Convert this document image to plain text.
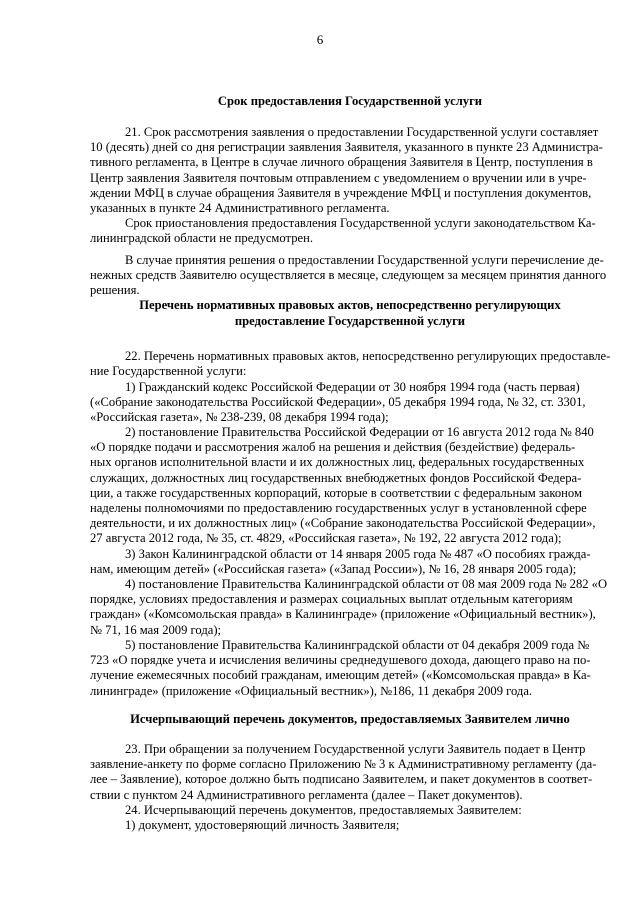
6
Срок предоставления Государственной услуги
21. Срок рассмотрения заявления о предоставлении Государственной услуги составляет
10 (десять) дней со дня регистрации заявления Заявителя, указанного в пункте 23 Администра-
тивного регламента, в Центре в случае личного обращения Заявителя в Центр, поступления в
Центр заявления Заявителя почтовым отправлением с уведомлением о вручении или в учре-
ждении МФЦ в случае обращения Заявителя в учреждение МФЦ и поступления документов,
указанных в пункте 24 Административного регламента.
Срок приостановления предоставления Государственной услуги законодательством Ка-
лининградской области не предусмотрен.
В случае принятия решения о предоставлении Государственной услуги перечисление де-
нежных средств Заявителю осуществляется в месяце, следующем за месяцем принятия данного
решения.
Перечень нормативных правовых актов, непосредственно регулирующих
предоставление Государственной услуги
22. Перечень нормативных правовых актов, непосредственно регулирующих предоставле-
ние Государственной услуги:
1) Гражданский кодекс Российской Федерации от 30 ноября 1994 года (часть первая)
(«Собрание законодательства Российской Федерации», 05 декабря 1994 года, № 32, ст. 3301,
«Российская газета», № 238-239, 08 декабря 1994 года);
2) постановление Правительства Российской Федерации от 16 августа 2012 года № 840
«О порядке подачи и рассмотрения жалоб на решения и действия (бездействие) федераль-
ных органов исполнительной власти и их должностных лиц, федеральных государственных
служащих, должностных лиц государственных внебюджетных фондов Российской Федера-
ции, а также государственных корпораций, которые в соответствии с федеральным законом
наделены полномочиями по предоставлению государственных услуг в установленной сфере
деятельности, и их должностных лиц» («Собрание законодательства Российской Федерации»,
27 августа 2012 года, № 35, ст. 4829, «Российская газета», № 192, 22 августа 2012 года);
3) Закон Калининградской области от 14 января 2005 года № 487 «О пособиях гражда-
нам, имеющим детей» («Российская газета» («Запад России»), № 16, 28 января 2005 года);
4) постановление Правительства Калининградской области от 08 мая 2009 года № 282 «О
порядке, условиях предоставления и размерах социальных выплат отдельным категориям
граждан» («Комсомольская правда» в Калининграде» (приложение «Официальный вестник»),
№ 71, 16 мая 2009 года);
5) постановление Правительства Калининградской области от 04 декабря 2009 года №
723 «О порядке учета и исчисления величины среднедушевого дохода, дающего право на по-
лучение ежемесячных пособий гражданам, имеющим детей» («Комсомольская правда» в Ка-
лининграде» (приложение «Официальный вестник»), №186, 11 декабря 2009 года.
Исчерпывающий перечень документов, предоставляемых Заявителем лично
23. При обращении за получением Государственной услуги Заявитель подает в Центр
заявление-анкету по форме согласно Приложению № 3 к Административному регламенту (да-
лее – Заявление), которое должно быть подписано Заявителем, и пакет документов в соответ-
ствии с пунктом 24 Административного регламента (далее – Пакет документов).
24. Исчерпывающий перечень документов, предоставляемых Заявителем:
1) документ, удостоверяющий личность Заявителя;
